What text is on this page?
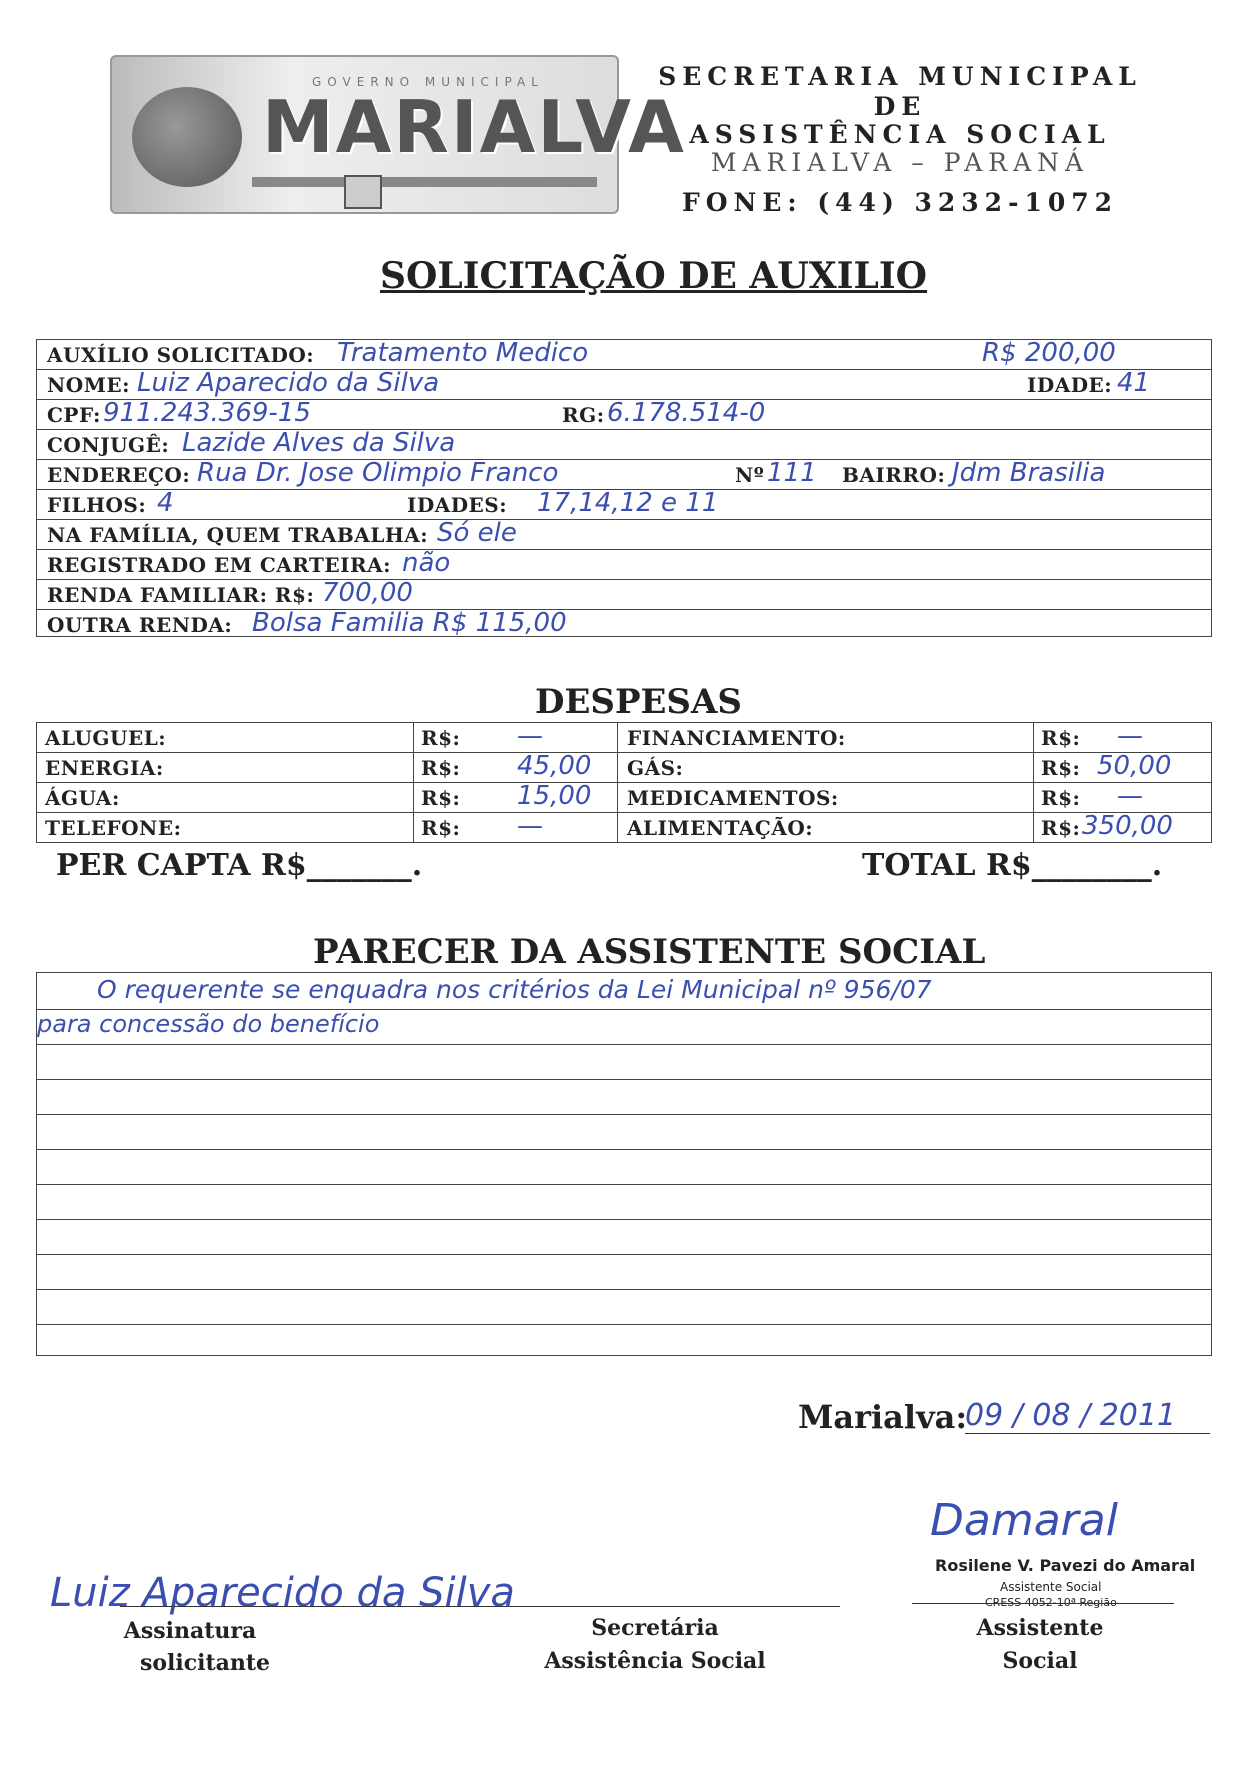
GOVERNO MUNICIPAL
MARIALVA
SECRETARIA MUNICIPAL
DE
ASSISTÊNCIA SOCIAL
MARIALVA – PARANÁ
FONE: (44) 3232-1072
SOLICITAÇÃO DE AUXILIO
AUXÍLIO SOLICITADO: Tratamento Medico	R$ 200,00
NOME: Luiz Aparecido da Silva	IDADE: 41
CPF: 911.243.369-15	RG: 6.178.514-0
CONJUGÊ: Lazide Alves da Silva
ENDEREÇO: Rua Dr. Jose Olimpio Franco	Nº 111 BAIRRO: Jdm Brasilia
FILHOS: 4	IDADES: 17,14,12 e 11
NA FAMÍLIA, QUEM TRABALHA: Só ele
REGISTRADO EM CARTEIRA: não
RENDA FAMILIAR: R$: 700,00
OUTRA RENDA: Bolsa Familia R$ 115,00
DESPESAS
ALUGUEL:	R$: —	FINANCIAMENTO:	R$: —
ENERGIA:	R$: 45,00 GÁS:	R$: 50,00
ÁGUA:	R$: 15,00 MEDICAMENTOS:	R$: —
TELEFONE:	R$: —	ALIMENTAÇÃO:	R$: 350,00
PER CAPTA R$_______.	TOTAL R$________.
PARECER DA ASSISTENTE SOCIAL
O requerente se enquadra nos critérios da Lei Municipal nº 956/07
para concessão do benefício
Marialva:
09 / 08 / 2011
Damaral
Rosilene V. Pavezi do Amaral
Assistente Social
CRESS 4052-10ª Região
Luiz Aparecido da Silva
Assinatura
solicitante
Secretária
Assistência Social
Assistente
Social
